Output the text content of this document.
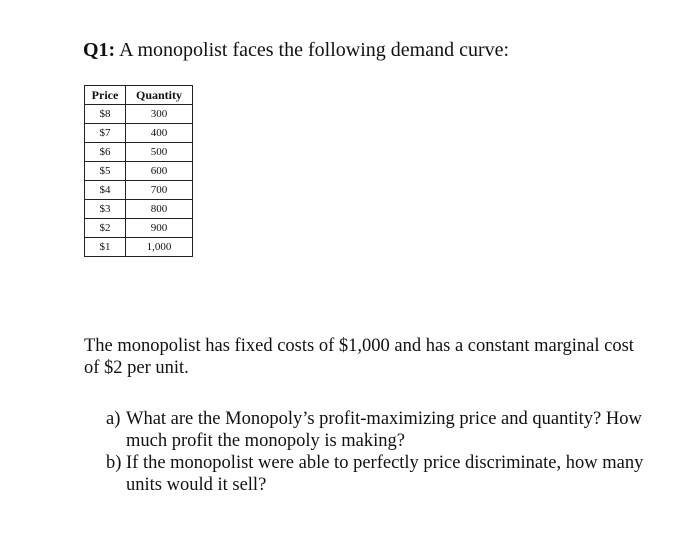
Q1: A monopolist faces the following demand curve:
Price	Quantity
$8	300
$7	400
$6	500
$5	600
$4	700
$3	800
$2	900
$1	1,000
The monopolist has fixed costs of $1,000 and has a constant marginal cost of $2 per unit.
a) What are the Monopoly’s profit-maximizing price and quantity? How much profit the monopoly is making?
b) If the monopolist were able to perfectly price discriminate, how many units would it sell?
